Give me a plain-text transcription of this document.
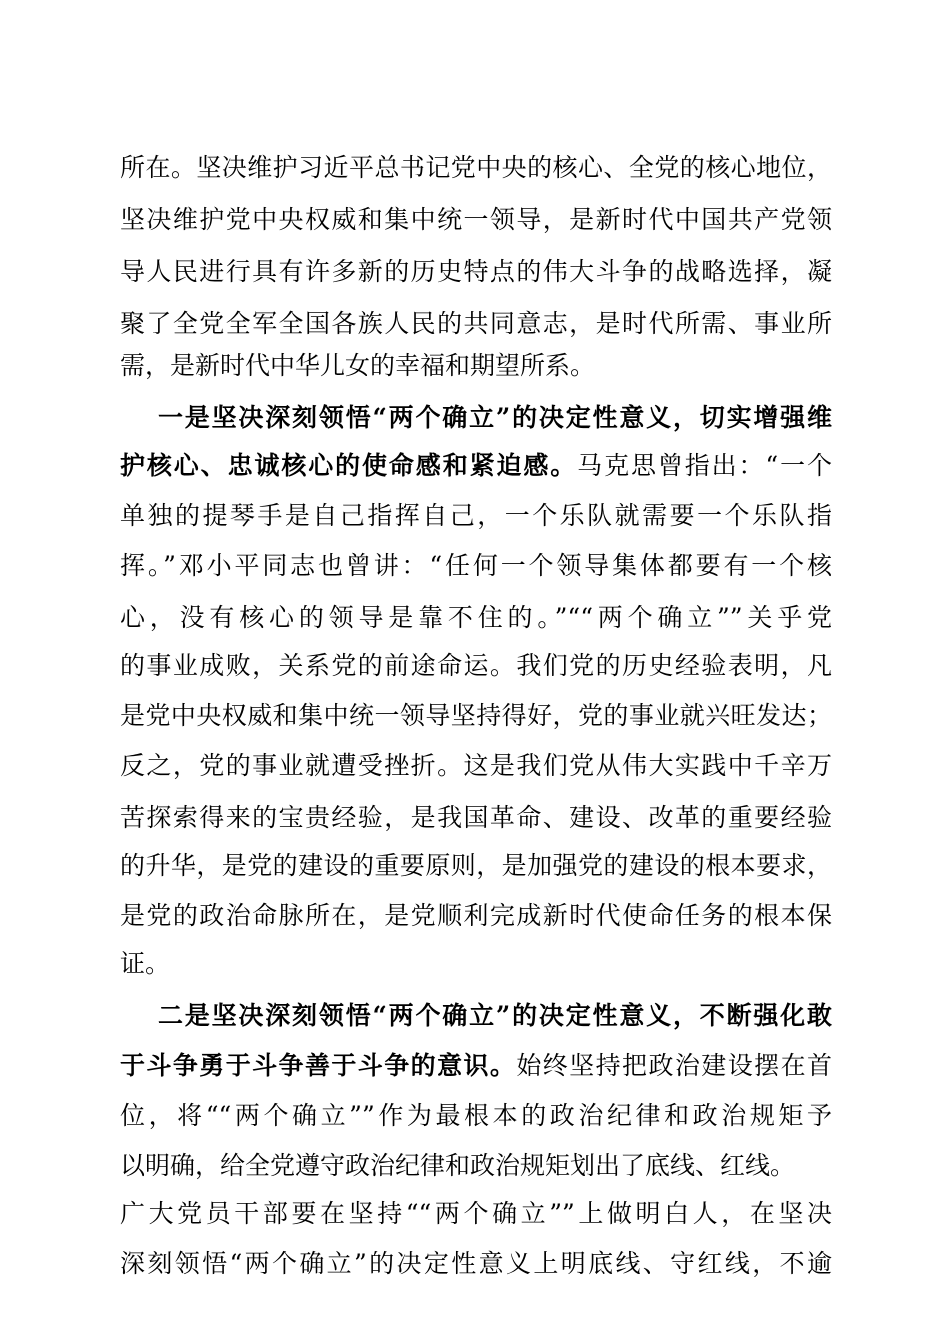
所在。坚决维护习近平总书记党中央的核心、全党的核心地位，
坚决维护党中央权威和集中统一领导，是新时代中国共产党领
导人民进行具有许多新的历史特点的伟大斗争的战略选择，凝
聚了全党全军全国各族人民的共同意志，是时代所需、事业所
需，是新时代中华儿女的幸福和期望所系。
一是坚决深刻领悟“两个确立”的决定性意义，切实增强维
护核心、忠诚核心的使命感和紧迫感。马克思曾指出：“一个
单独的提琴手是自己指挥自己，一个乐队就需要一个乐队指
挥。”邓小平同志也曾讲：“任何一个领导集体都要有一个核
心，没有核心的领导是靠不住的。”““两个确立””关乎党
的事业成败，关系党的前途命运。我们党的历史经验表明，凡
是党中央权威和集中统一领导坚持得好，党的事业就兴旺发达；
反之，党的事业就遭受挫折。这是我们党从伟大实践中千辛万
苦探索得来的宝贵经验，是我国革命、建设、改革的重要经验
的升华，是党的建设的重要原则，是加强党的建设的根本要求，
是党的政治命脉所在，是党顺利完成新时代使命任务的根本保
证。
二是坚决深刻领悟“两个确立”的决定性意义，不断强化敢
于斗争勇于斗争善于斗争的意识。始终坚持把政治建设摆在首
位，将““两个确立””作为最根本的政治纪律和政治规矩予
以明确，给全党遵守政治纪律和政治规矩划出了底线、红线。
广大党员干部要在坚持““两个确立””上做明白人，在坚决
深刻领悟“两个确立”的决定性意义上明底线、守红线，不逾
